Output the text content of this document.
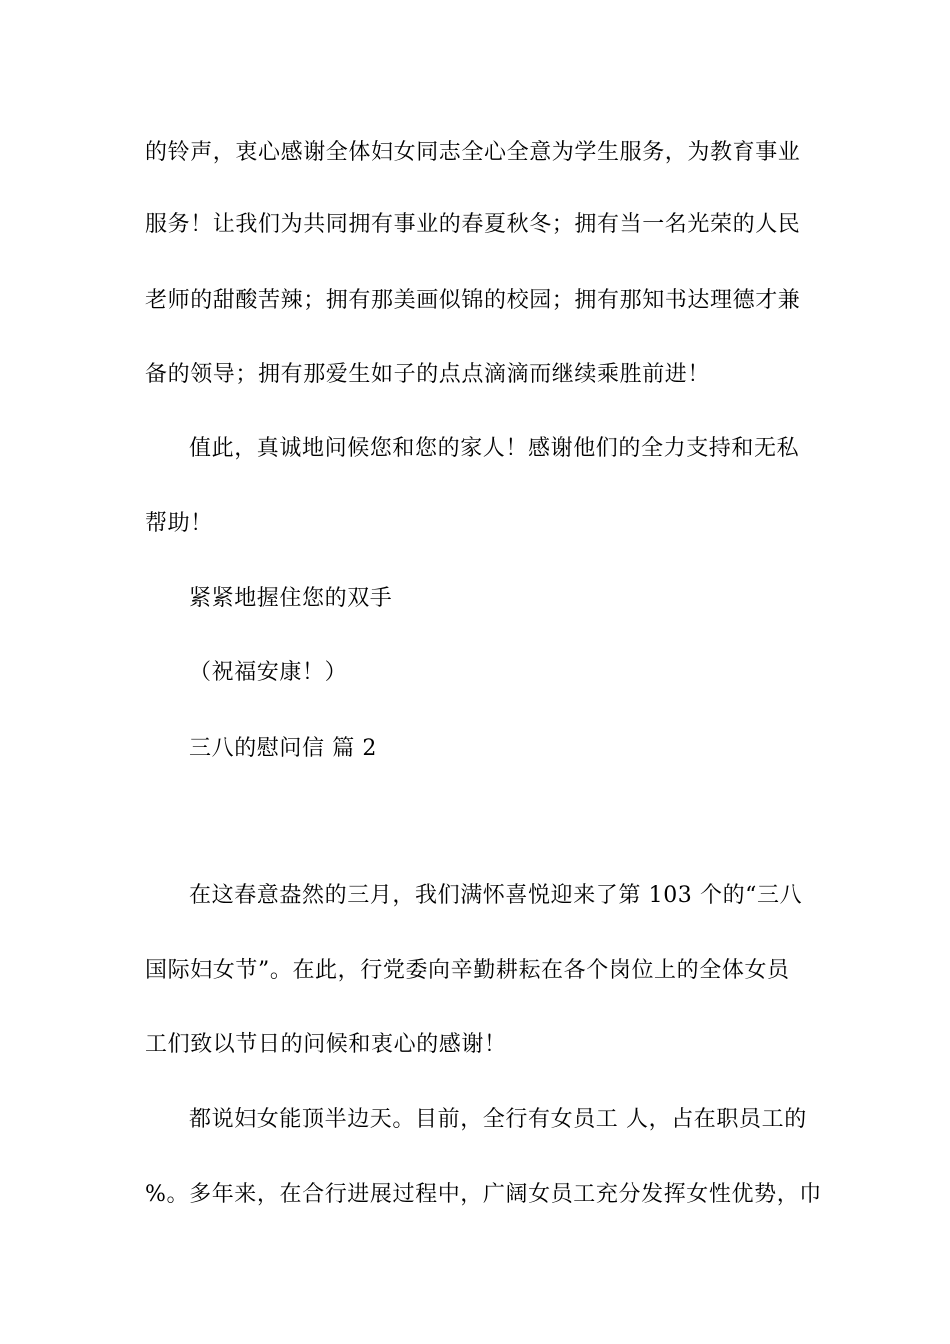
的铃声，衷心感谢全体妇女同志全心全意为学生服务，为教育事业
服务！让我们为共同拥有事业的春夏秋冬；拥有当一名光荣的人民
老师的甜酸苦辣；拥有那美画似锦的校园；拥有那知书达理德才兼
备的领导；拥有那爱生如子的点点滴滴而继续乘胜前进！
值此，真诚地问候您和您的家人！感谢他们的全力支持和无私
帮助！
紧紧地握住您的双手
（祝福安康！）
三八的慰问信 篇 2
在这春意盎然的三月，我们满怀喜悦迎来了第 103 个的“三八
国际妇女节”。在此，行党委向辛勤耕耘在各个岗位上的全体女员
工们致以节日的问候和衷心的感谢！
都说妇女能顶半边天。目前，全行有女员工 人，占在职员工的
%。多年来，在合行进展过程中，广阔女员工充分发挥女性优势，巾
